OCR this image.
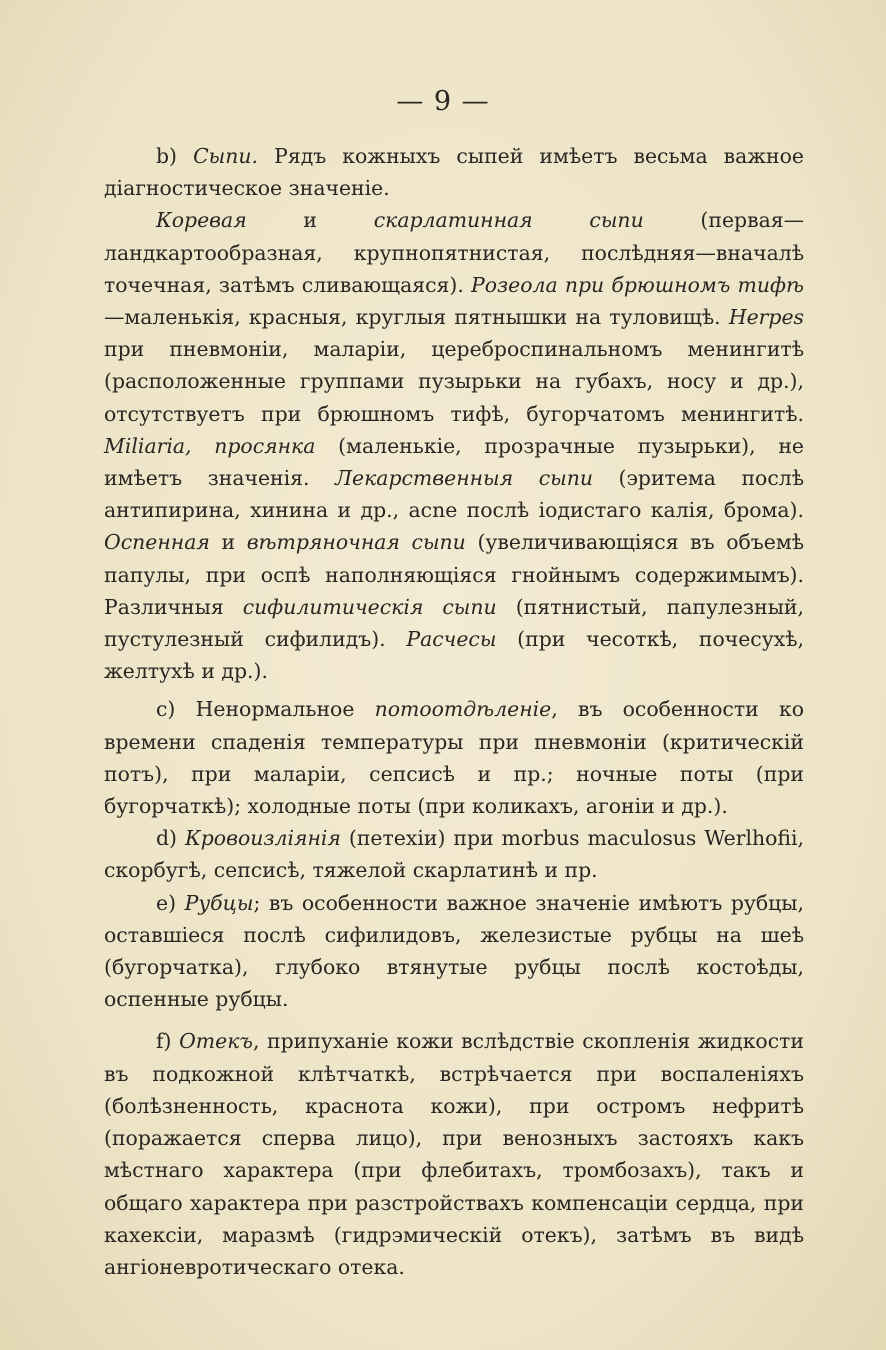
— 9 —

b) Сыпи. Рядъ кожныхъ сыпей имѣетъ весьма важное діагностическое значеніе.

Коревая и скарлатинная сыпи (первая—ландкартообразная, крупнопятнистая, послѣдняя—вначалѣ точечная, затѣмъ сливающаяся). Розеола при брюшномъ тифѣ—маленькія, красныя, круглыя пятнышки на туловищѣ. Herpes при пневмоніи, маларіи, цереброспинальномъ менингитѣ (расположенные группами пузырьки на губахъ, носу и др.), отсутствуетъ при брюшномъ тифѣ, бугорчатомъ менингитѣ. Miliaria, просянка (маленькіе, прозрачные пузырьки), не имѣетъ значенія. Лекарственныя сыпи (эритема послѣ антипирина, хинина и др., acne послѣ іодистаго калія, брома). Оспенная и вѣтряночная сыпи (увеличивающіяся въ объемѣ папулы, при оспѣ наполняющіяся гнойнымъ содержимымъ). Различныя сифилитическія сыпи (пятнистый, папулезный, пустулезный сифилидъ). Расчесы (при чесоткѣ, почесухѣ, желтухѣ и др.).

c) Ненормальное потоотдѣленіе, въ особенности ко времени спаденія температуры при пневмоніи (критическій потъ), при маларіи, сепсисѣ и пр.; ночные поты (при бугорчаткѣ); холодные поты (при коликахъ, агоніи и др.).

d) Кровоизліянія (петехіи) при morbus maculosus Werlhofii, скорбугѣ, сепсисѣ, тяжелой скарлатинѣ и пр.

e) Рубцы; въ особенности важное значеніе имѣютъ рубцы, оставшіеся послѣ сифилидовъ, железистые рубцы на шеѣ (бугорчатка), глубоко втянутые рубцы послѣ костоѣды, оспенные рубцы.

f) Отекъ, припуханіе кожи вслѣдствіе скопленія жидкости въ подкожной клѣтчаткѣ, встрѣчается при воспаленіяхъ (болѣзненность, краснота кожи), при остромъ нефритѣ (поражается сперва лицо), при венозныхъ застояхъ какъ мѣстнаго характера (при флебитахъ, тромбозахъ), такъ и общаго характера при разстройствахъ компенсаціи сердца, при кахексіи, маразмѣ (гидрэмическій отекъ), затѣмъ въ видѣ ангіоневротическаго отека.
